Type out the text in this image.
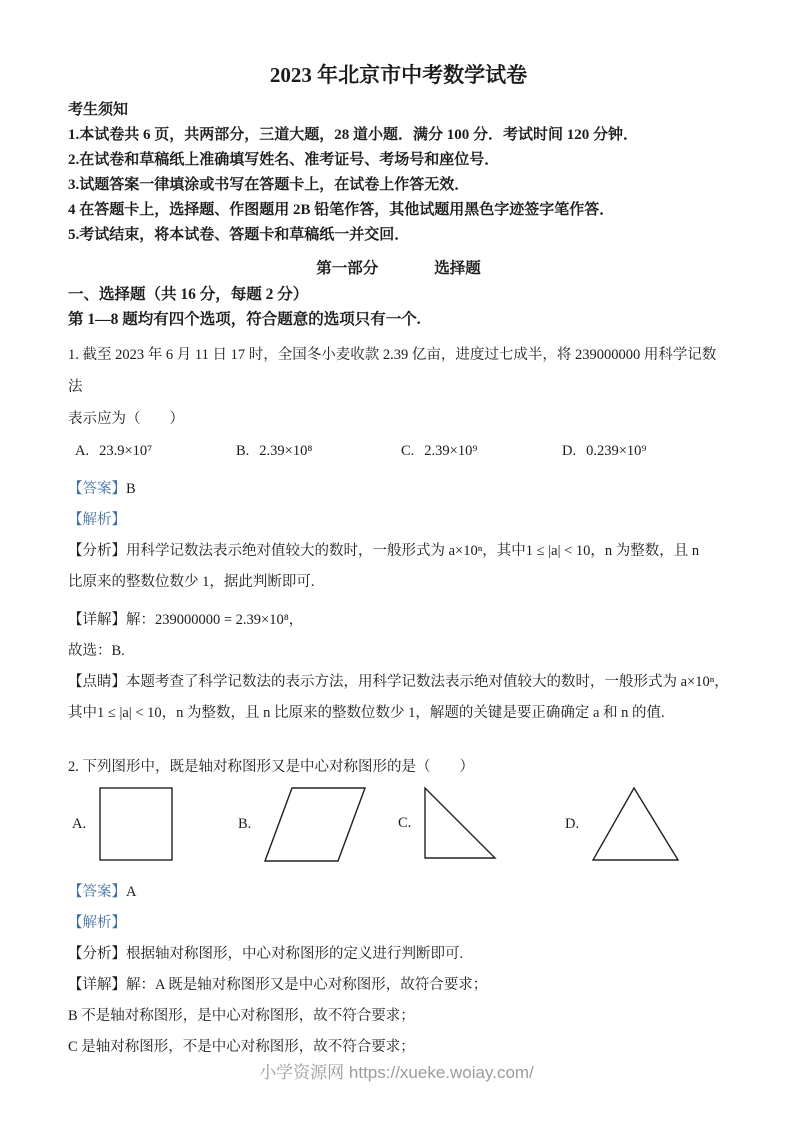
2023 年北京市中考数学试卷
考生须知
1.本试卷共 6 页，共两部分，三道大题，28 道小题．满分 100 分．考试时间 120 分钟．
2.在试卷和草稿纸上准确填写姓名、准考证号、考场号和座位号．
3.试题答案一律填涂或书写在答题卡上，在试卷上作答无效．
4 在答题卡上，选择题、作图题用 2B 铅笔作答，其他试题用黑色字迹签字笔作答．
5.考试结束，将本试卷、答题卡和草稿纸一并交回．
第一部分	选择题
一、选择题（共 16 分，每题 2 分）
第 1—8 题均有四个选项，符合题意的选项只有一个.
1. 截至 2023 年 6 月 11 日 17 时，全国冬小麦收款 2.39 亿亩，进度过七成半，将 239000000 用科学记数法
表示应为（　　）
A. 23.9×10⁷	B. 2.39×10⁸	C. 2.39×10⁹	D. 0.239×10⁹
【答案】B
【解析】
【分析】用科学记数法表示绝对值较大的数时，一般形式为 a×10ⁿ，其中1 ≤ |a| < 10，n 为整数，且 n
比原来的整数位数少 1，据此判断即可.
【详解】解：239000000 = 2.39×10⁸，
故选：B.
【点睛】本题考查了科学记数法的表示方法，用科学记数法表示绝对值较大的数时，一般形式为 a×10ⁿ，
其中1 ≤ |a| < 10，n 为整数，且 n 比原来的整数位数少 1，解题的关键是要正确确定 a 和 n 的值.
2. 下列图形中，既是轴对称图形又是中心对称图形的是（　　）
A.	B.	C.	D.
【答案】A
【解析】
【分析】根据轴对称图形，中心对称图形的定义进行判断即可.
【详解】解：A 既是轴对称图形又是中心对称图形，故符合要求；
B 不是轴对称图形，是中心对称图形，故不符合要求；
C 是轴对称图形，不是中心对称图形，故不符合要求；
小学资源网 https://xueke.woiay.com/
